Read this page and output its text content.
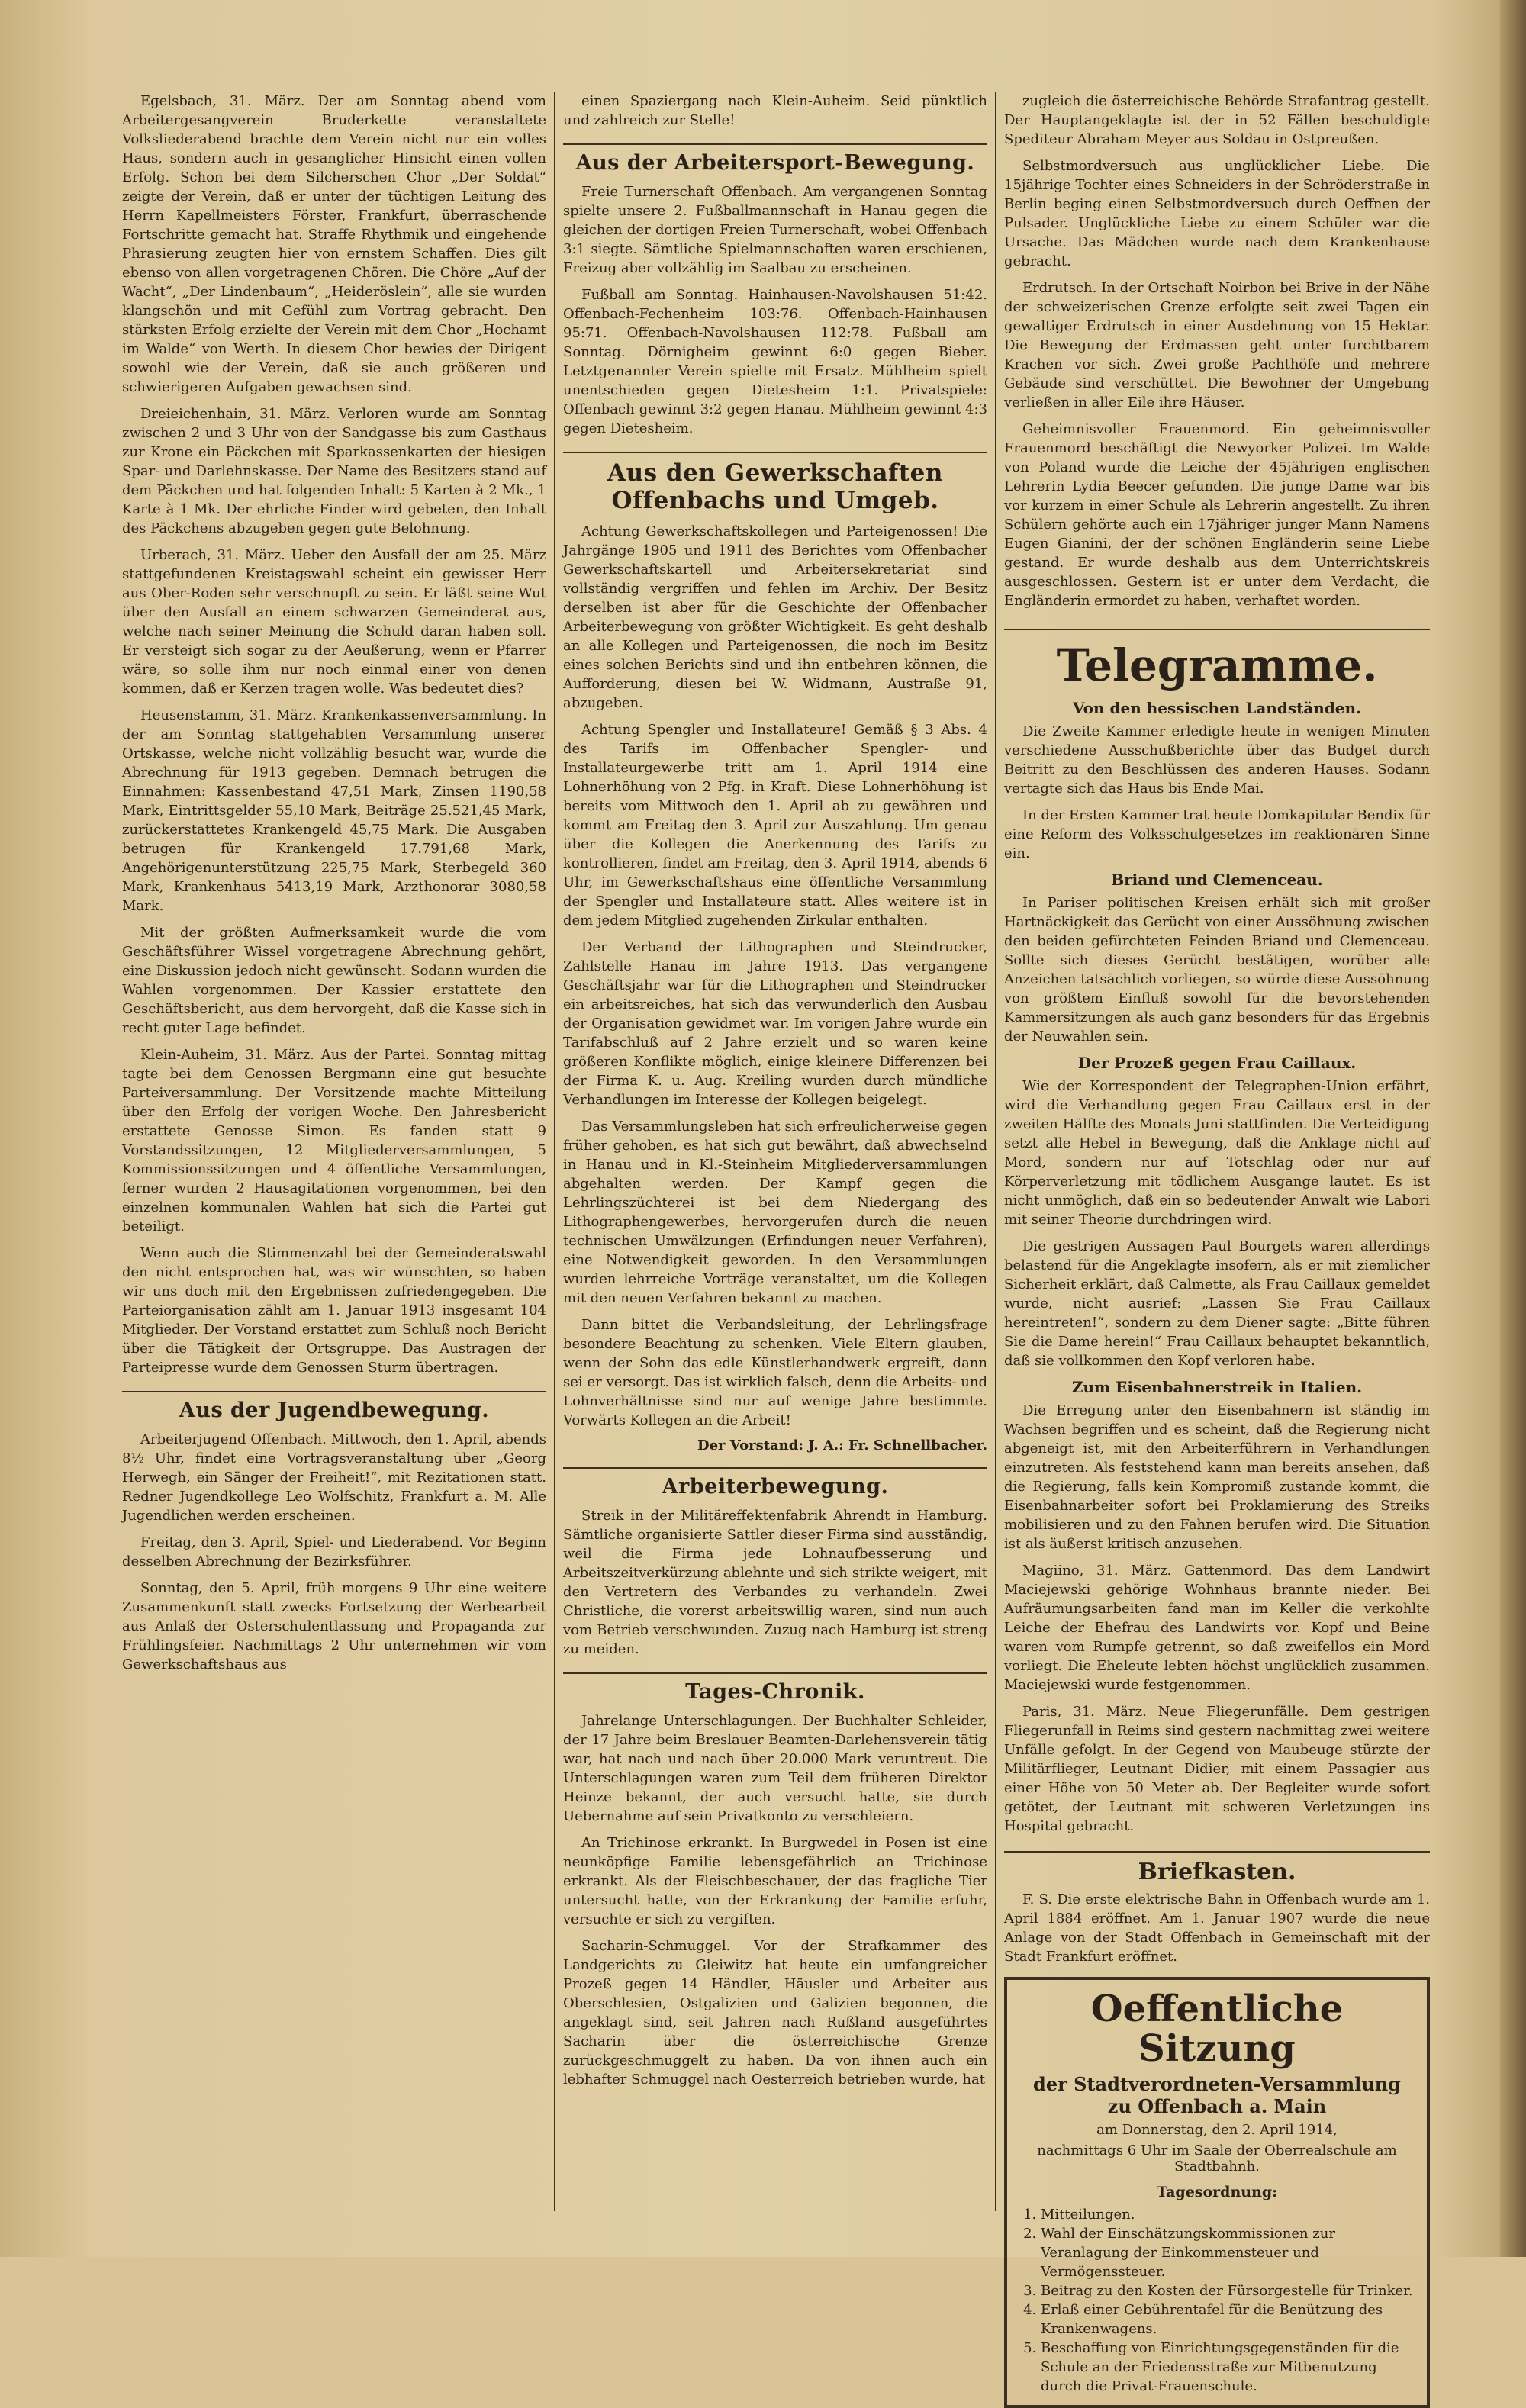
Egelsbach, 31. März. Der am Sonntag abend vom Arbeitergesangverein Bruderkette veranstaltete Volksliederabend brachte dem Verein nicht nur ein volles Haus, sondern auch in gesanglicher Hinsicht einen vollen Erfolg. Schon bei dem Silcherschen Chor „Der Soldat“ zeigte der Verein, daß er unter der tüchtigen Leitung des Herrn Kapellmeisters Förster, Frankfurt, überraschende Fortschritte gemacht hat. Straffe Rhythmik und eingehende Phrasierung zeugten hier von ernstem Schaffen. Dies gilt ebenso von allen vorgetragenen Chören. Die Chöre „Auf der Wacht“, „Der Lindenbaum“, „Heideröslein“, alle sie wurden klangschön und mit Gefühl zum Vortrag gebracht. Den stärksten Erfolg erzielte der Verein mit dem Chor „Hochamt im Walde“ von Werth. In diesem Chor bewies der Dirigent sowohl wie der Verein, daß sie auch größeren und schwierigeren Aufgaben gewachsen sind.

Dreieichenhain, 31. März. Verloren wurde am Sonntag zwischen 2 und 3 Uhr von der Sandgasse bis zum Gasthaus zur Krone ein Päckchen mit Sparkassenkarten der hiesigen Spar- und Darlehnskasse. Der Name des Besitzers stand auf dem Päckchen und hat folgenden Inhalt: 5 Karten à 2 Mk., 1 Karte à 1 Mk. Der ehrliche Finder wird gebeten, den Inhalt des Päckchens abzugeben gegen gute Belohnung.

Urberach, 31. März. Ueber den Ausfall der am 25. März stattgefundenen Kreistagswahl scheint ein gewisser Herr aus Ober-Roden sehr verschnupft zu sein. Er läßt seine Wut über den Ausfall an einem schwarzen Gemeinderat aus, welche nach seiner Meinung die Schuld daran haben soll. Er versteigt sich sogar zu der Aeußerung, wenn er Pfarrer wäre, so solle ihm nur noch einmal einer von denen kommen, daß er Kerzen tragen wolle. Was bedeutet dies?

Heusenstamm, 31. März. Krankenkassenversammlung. In der am Sonntag stattgehabten Versammlung unserer Ortskasse, welche nicht vollzählig besucht war, wurde die Abrechnung für 1913 gegeben. Demnach betrugen die Einnahmen: Kassenbestand 47,51 Mark, Zinsen 1190,58 Mark, Eintrittsgelder 55,10 Mark, Beiträge 25.521,45 Mark, zurückerstattetes Krankengeld 45,75 Mark. Die Ausgaben betrugen für Krankengeld 17.791,68 Mark, Angehörigenunterstützung 225,75 Mark, Sterbegeld 360 Mark, Krankenhaus 5413,19 Mark, Arzthonorar 3080,58 Mark.

Mit der größten Aufmerksamkeit wurde die vom Geschäftsführer Wissel vorgetragene Abrechnung gehört, eine Diskussion jedoch nicht gewünscht. Sodann wurden die Wahlen vorgenommen. Der Kassier erstattete den Geschäftsbericht, aus dem hervorgeht, daß die Kasse sich in recht guter Lage befindet.

Klein-Auheim, 31. März. Aus der Partei. Sonntag mittag tagte bei dem Genossen Bergmann eine gut besuchte Parteiversammlung. Der Vorsitzende machte Mitteilung über den Erfolg der vorigen Woche. Den Jahresbericht erstattete Genosse Simon. Es fanden statt 9 Vorstandssitzungen, 12 Mitgliederversammlungen, 5 Kommissionssitzungen und 4 öffentliche Versammlungen, ferner wurden 2 Hausagitationen vorgenommen, bei den einzelnen kommunalen Wahlen hat sich die Partei gut beteiligt.

Wenn auch die Stimmenzahl bei der Gemeinderatswahl den nicht entsprochen hat, was wir wünschten, so haben wir uns doch mit den Ergebnissen zufriedengegeben. Die Parteiorganisation zählt am 1. Januar 1913 insgesamt 104 Mitglieder. Der Vorstand erstattet zum Schluß noch Bericht über die Tätigkeit der Ortsgruppe. Das Austragen der Parteipresse wurde dem Genossen Sturm übertragen.

Aus der Jugendbewegung.

Arbeiterjugend Offenbach. Mittwoch, den 1. April, abends 8½ Uhr, findet eine Vortragsveranstaltung über „Georg Herwegh, ein Sänger der Freiheit!“, mit Rezitationen statt. Redner Jugendkollege Leo Wolfschitz, Frankfurt a. M. Alle Jugendlichen werden erscheinen.

Freitag, den 3. April, Spiel- und Liederabend. Vor Beginn desselben Abrechnung der Bezirksführer.

Sonntag, den 5. April, früh morgens 9 Uhr eine weitere Zusammenkunft statt zwecks Fortsetzung der Werbearbeit aus Anlaß der Osterschulentlassung und Propaganda zur Frühlingsfeier. Nachmittags 2 Uhr unternehmen wir vom Gewerkschaftshaus aus

einen Spaziergang nach Klein-Auheim. Seid pünktlich und zahlreich zur Stelle!

Aus der Arbeitersport-Bewegung.

Freie Turnerschaft Offenbach. Am vergangenen Sonntag spielte unsere 2. Fußballmannschaft in Hanau gegen die gleichen der dortigen Freien Turnerschaft, wobei Offenbach 3:1 siegte. Sämtliche Spielmannschaften waren erschienen, Freizug aber vollzählig im Saalbau zu erscheinen.

Fußball am Sonntag. Hainhausen-Navolshausen 51:42. Offenbach-Fechenheim 103:76. Offenbach-Hainhausen 95:71. Offenbach-Navolshausen 112:78. Fußball am Sonntag. Dörnigheim gewinnt 6:0 gegen Bieber. Letztgenannter Verein spielte mit Ersatz. Mühlheim spielt unentschieden gegen Dietesheim 1:1. Privatspiele: Offenbach gewinnt 3:2 gegen Hanau. Mühlheim gewinnt 4:3 gegen Dietesheim.

Aus den Gewerkschaften Offenbachs und Umgeb.

Achtung Gewerkschaftskollegen und Parteigenossen! Die Jahrgänge 1905 und 1911 des Berichtes vom Offenbacher Gewerkschaftskartell und Arbeitersekretariat sind vollständig vergriffen und fehlen im Archiv. Der Besitz derselben ist aber für die Geschichte der Offenbacher Arbeiterbewegung von größter Wichtigkeit. Es geht deshalb an alle Kollegen und Parteigenossen, die noch im Besitz eines solchen Berichts sind und ihn entbehren können, die Aufforderung, diesen bei W. Widmann, Austraße 91, abzugeben.

Achtung Spengler und Installateure! Gemäß § 3 Abs. 4 des Tarifs im Offenbacher Spengler- und Installateurgewerbe tritt am 1. April 1914 eine Lohnerhöhung von 2 Pfg. in Kraft. Diese Lohnerhöhung ist bereits vom Mittwoch den 1. April ab zu gewähren und kommt am Freitag den 3. April zur Auszahlung. Um genau über die Kollegen die Anerkennung des Tarifs zu kontrollieren, findet am Freitag, den 3. April 1914, abends 6 Uhr, im Gewerkschaftshaus eine öffentliche Versammlung der Spengler und Installateure statt. Alles weitere ist in dem jedem Mitglied zugehenden Zirkular enthalten.

Der Verband der Lithographen und Steindrucker, Zahlstelle Hanau im Jahre 1913. Das vergangene Geschäftsjahr war für die Lithographen und Steindrucker ein arbeitsreiches, hat sich das verwunderlich den Ausbau der Organisation gewidmet war. Im vorigen Jahre wurde ein Tarifabschluß auf 2 Jahre erzielt und so waren keine größeren Konflikte möglich, einige kleinere Differenzen bei der Firma K. u. Aug. Kreiling wurden durch mündliche Verhandlungen im Interesse der Kollegen beigelegt.

Das Versammlungsleben hat sich erfreulicherweise gegen früher gehoben, es hat sich gut bewährt, daß abwechselnd in Hanau und in Kl.-Steinheim Mitgliederversammlungen abgehalten werden. Der Kampf gegen die Lehrlingszüchterei ist bei dem Niedergang des Lithographengewerbes, hervorgerufen durch die neuen technischen Umwälzungen (Erfindungen neuer Verfahren), eine Notwendigkeit geworden. In den Versammlungen wurden lehrreiche Vorträge veranstaltet, um die Kollegen mit den neuen Verfahren bekannt zu machen.

Dann bittet die Verbandsleitung, der Lehrlingsfrage besondere Beachtung zu schenken. Viele Eltern glauben, wenn der Sohn das edle Künstlerhandwerk ergreift, dann sei er versorgt. Das ist wirklich falsch, denn die Arbeits- und Lohnverhältnisse sind nur auf wenige Jahre bestimmte. Vorwärts Kollegen an die Arbeit!

Der Vorstand: J. A.: Fr. Schnellbacher.
Arbeiterbewegung.

Streik in der Militäreffektenfabrik Ahrendt in Hamburg. Sämtliche organisierte Sattler dieser Firma sind ausständig, weil die Firma jede Lohnaufbesserung und Arbeitszeitverkürzung ablehnte und sich strikte weigert, mit den Vertretern des Verbandes zu verhandeln. Zwei Christliche, die vorerst arbeitswillig waren, sind nun auch vom Betrieb verschwunden. Zuzug nach Hamburg ist streng zu meiden.

Tages-Chronik.

Jahrelange Unterschlagungen. Der Buchhalter Schleider, der 17 Jahre beim Breslauer Beamten-Darlehensverein tätig war, hat nach und nach über 20.000 Mark veruntreut. Die Unterschlagungen waren zum Teil dem früheren Direktor Heinze bekannt, der auch versucht hatte, sie durch Uebernahme auf sein Privatkonto zu verschleiern.

An Trichinose erkrankt. In Burgwedel in Posen ist eine neunköpfige Familie lebensgefährlich an Trichinose erkrankt. Als der Fleischbeschauer, der das fragliche Tier untersucht hatte, von der Erkrankung der Familie erfuhr, versuchte er sich zu vergiften.

Sacharin-Schmuggel. Vor der Strafkammer des Landgerichts zu Gleiwitz hat heute ein umfangreicher Prozeß gegen 14 Händler, Häusler und Arbeiter aus Oberschlesien, Ostgalizien und Galizien begonnen, die angeklagt sind, seit Jahren nach Rußland ausgeführtes Sacharin über die österreichische Grenze zurückgeschmuggelt zu haben. Da von ihnen auch ein lebhafter Schmuggel nach Oesterreich betrieben wurde, hat

zugleich die österreichische Behörde Strafantrag gestellt. Der Hauptangeklagte ist der in 52 Fällen beschuldigte Spediteur Abraham Meyer aus Soldau in Ostpreußen.

Selbstmordversuch aus unglücklicher Liebe. Die 15jährige Tochter eines Schneiders in der Schröderstraße in Berlin beging einen Selbstmordversuch durch Oeffnen der Pulsader. Unglückliche Liebe zu einem Schüler war die Ursache. Das Mädchen wurde nach dem Krankenhause gebracht.

Erdrutsch. In der Ortschaft Noirbon bei Brive in der Nähe der schweizerischen Grenze erfolgte seit zwei Tagen ein gewaltiger Erdrutsch in einer Ausdehnung von 15 Hektar. Die Bewegung der Erdmassen geht unter furchtbarem Krachen vor sich. Zwei große Pachthöfe und mehrere Gebäude sind verschüttet. Die Bewohner der Umgebung verließen in aller Eile ihre Häuser.

Geheimnisvoller Frauenmord. Ein geheimnisvoller Frauenmord beschäftigt die Newyorker Polizei. Im Walde von Poland wurde die Leiche der 45jährigen englischen Lehrerin Lydia Beecer gefunden. Die junge Dame war bis vor kurzem in einer Schule als Lehrerin angestellt. Zu ihren Schülern gehörte auch ein 17jähriger junger Mann Namens Eugen Gianini, der der schönen Engländerin seine Liebe gestand. Er wurde deshalb aus dem Unterrichtskreis ausgeschlossen. Gestern ist er unter dem Verdacht, die Engländerin ermordet zu haben, verhaftet worden.

Telegramme.
Von den hessischen Landständen.

Die Zweite Kammer erledigte heute in wenigen Minuten verschiedene Ausschußberichte über das Budget durch Beitritt zu den Beschlüssen des anderen Hauses. Sodann vertagte sich das Haus bis Ende Mai.

In der Ersten Kammer trat heute Domkapitular Bendix für eine Reform des Volksschulgesetzes im reaktionären Sinne ein.

Briand und Clemenceau.

In Pariser politischen Kreisen erhält sich mit großer Hartnäckigkeit das Gerücht von einer Aussöhnung zwischen den beiden gefürchteten Feinden Briand und Clemenceau. Sollte sich dieses Gerücht bestätigen, worüber alle Anzeichen tatsächlich vorliegen, so würde diese Aussöhnung von größtem Einfluß sowohl für die bevorstehenden Kammersitzungen als auch ganz besonders für das Ergebnis der Neuwahlen sein.

Der Prozeß gegen Frau Caillaux.

Wie der Korrespondent der Telegraphen-Union erfährt, wird die Verhandlung gegen Frau Caillaux erst in der zweiten Hälfte des Monats Juni stattfinden. Die Verteidigung setzt alle Hebel in Bewegung, daß die Anklage nicht auf Mord, sondern nur auf Totschlag oder nur auf Körperverletzung mit tödlichem Ausgange lautet. Es ist nicht unmöglich, daß ein so bedeutender Anwalt wie Labori mit seiner Theorie durchdringen wird.

Die gestrigen Aussagen Paul Bourgets waren allerdings belastend für die Angeklagte insofern, als er mit ziemlicher Sicherheit erklärt, daß Calmette, als Frau Caillaux gemeldet wurde, nicht ausrief: „Lassen Sie Frau Caillaux hereintreten!“, sondern zu dem Diener sagte: „Bitte führen Sie die Dame herein!“ Frau Caillaux behauptet bekanntlich, daß sie vollkommen den Kopf verloren habe.

Zum Eisenbahnerstreik in Italien.

Die Erregung unter den Eisenbahnern ist ständig im Wachsen begriffen und es scheint, daß die Regierung nicht abgeneigt ist, mit den Arbeiterführern in Verhandlungen einzutreten. Als feststehend kann man bereits ansehen, daß die Regierung, falls kein Kompromiß zustande kommt, die Eisenbahnarbeiter sofort bei Proklamierung des Streiks mobilisieren und zu den Fahnen berufen wird. Die Situation ist als äußerst kritisch anzusehen.

Magiino, 31. März. Gattenmord. Das dem Landwirt Maciejewski gehörige Wohnhaus brannte nieder. Bei Aufräumungsarbeiten fand man im Keller die verkohlte Leiche der Ehefrau des Landwirts vor. Kopf und Beine waren vom Rumpfe getrennt, so daß zweifellos ein Mord vorliegt. Die Eheleute lebten höchst unglücklich zusammen. Maciejewski wurde festgenommen.

Paris, 31. März. Neue Fliegerunfälle. Dem gestrigen Fliegerunfall in Reims sind gestern nachmittag zwei weitere Unfälle gefolgt. In der Gegend von Maubeuge stürzte der Militärflieger, Leutnant Didier, mit einem Passagier aus einer Höhe von 50 Meter ab. Der Begleiter wurde sofort getötet, der Leutnant mit schweren Verletzungen ins Hospital gebracht.

Briefkasten.

F. S. Die erste elektrische Bahn in Offenbach wurde am 1. April 1884 eröffnet. Am 1. Januar 1907 wurde die neue Anlage von der Stadt Offenbach in Gemeinschaft mit der Stadt Frankfurt eröffnet.

Oeffentliche Sitzung
der Stadtverordneten-Versammlung zu Offenbach a. Main
am Donnerstag, den 2. April 1914,
nachmittags 6 Uhr im Saale der Oberrealschule am Stadtbahnh.
Tagesordnung:
1. Mitteilungen.
2. Wahl der Einschätzungskommissionen zur Veranlagung der Einkommensteuer und Vermögenssteuer.
3. Beitrag zu den Kosten der Fürsorgestelle für Trinker.
4. Erlaß einer Gebührentafel für die Benützung des Krankenwagens.
5. Beschaffung von Einrichtungsgegenständen für die Schule an der Friedensstraße zur Mitbenutzung durch die Privat-Frauenschule.
